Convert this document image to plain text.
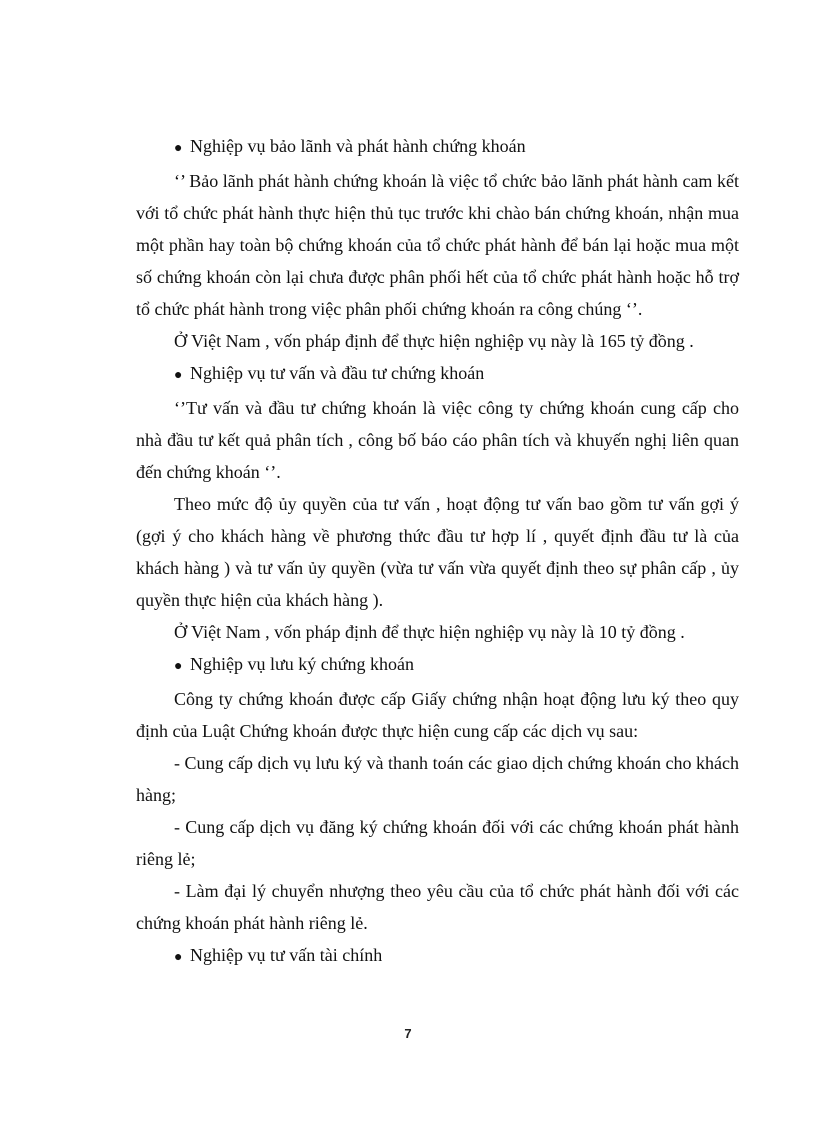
● Nghiệp vụ bảo lãnh và phát hành chứng khoán

‘’ Bảo lãnh phát hành chứng khoán là việc tổ chức bảo lãnh phát hành cam kết với tổ chức phát hành thực hiện thủ tục trước khi chào bán chứng khoán, nhận mua một phần hay toàn bộ chứng khoán của tổ chức phát hành để bán lại hoặc mua một số chứng khoán còn lại chưa được phân phối hết của tổ chức phát hành hoặc hỗ trợ tổ chức phát hành trong việc phân phối chứng khoán ra công chúng ‘’.

Ở Việt Nam , vốn pháp định để thực hiện nghiệp vụ này là 165 tỷ đồng .

● Nghiệp vụ tư vấn và đầu tư chứng khoán

‘’Tư vấn và đầu tư chứng khoán là việc công ty chứng khoán cung cấp cho nhà đầu tư kết quả phân tích , công bố báo cáo phân tích và khuyến nghị liên quan đến chứng khoán ‘’.

Theo mức độ ủy quyền của tư vấn , hoạt động tư vấn bao gồm tư vấn gợi ý (gợi ý cho khách hàng về phương thức đầu tư hợp lí , quyết định đầu tư là của khách hàng ) và tư vấn ủy quyền (vừa tư vấn vừa quyết định theo sự phân cấp , ủy quyền thực hiện của khách hàng ).

Ở Việt Nam , vốn pháp định để thực hiện nghiệp vụ này là 10 tỷ đồng .

● Nghiệp vụ lưu ký chứng khoán

Công ty chứng khoán được cấp Giấy chứng nhận hoạt động lưu ký theo quy định của Luật Chứng khoán được thực hiện cung cấp các dịch vụ sau:

- Cung cấp dịch vụ lưu ký và thanh toán các giao dịch chứng khoán cho khách hàng;

- Cung cấp dịch vụ đăng ký chứng khoán đối với các chứng khoán phát hành riêng lẻ;

- Làm đại lý chuyển nhượng theo yêu cầu của tổ chức phát hành đối với các chứng khoán phát hành riêng lẻ.

● Nghiệp vụ tư vấn tài chính

7
